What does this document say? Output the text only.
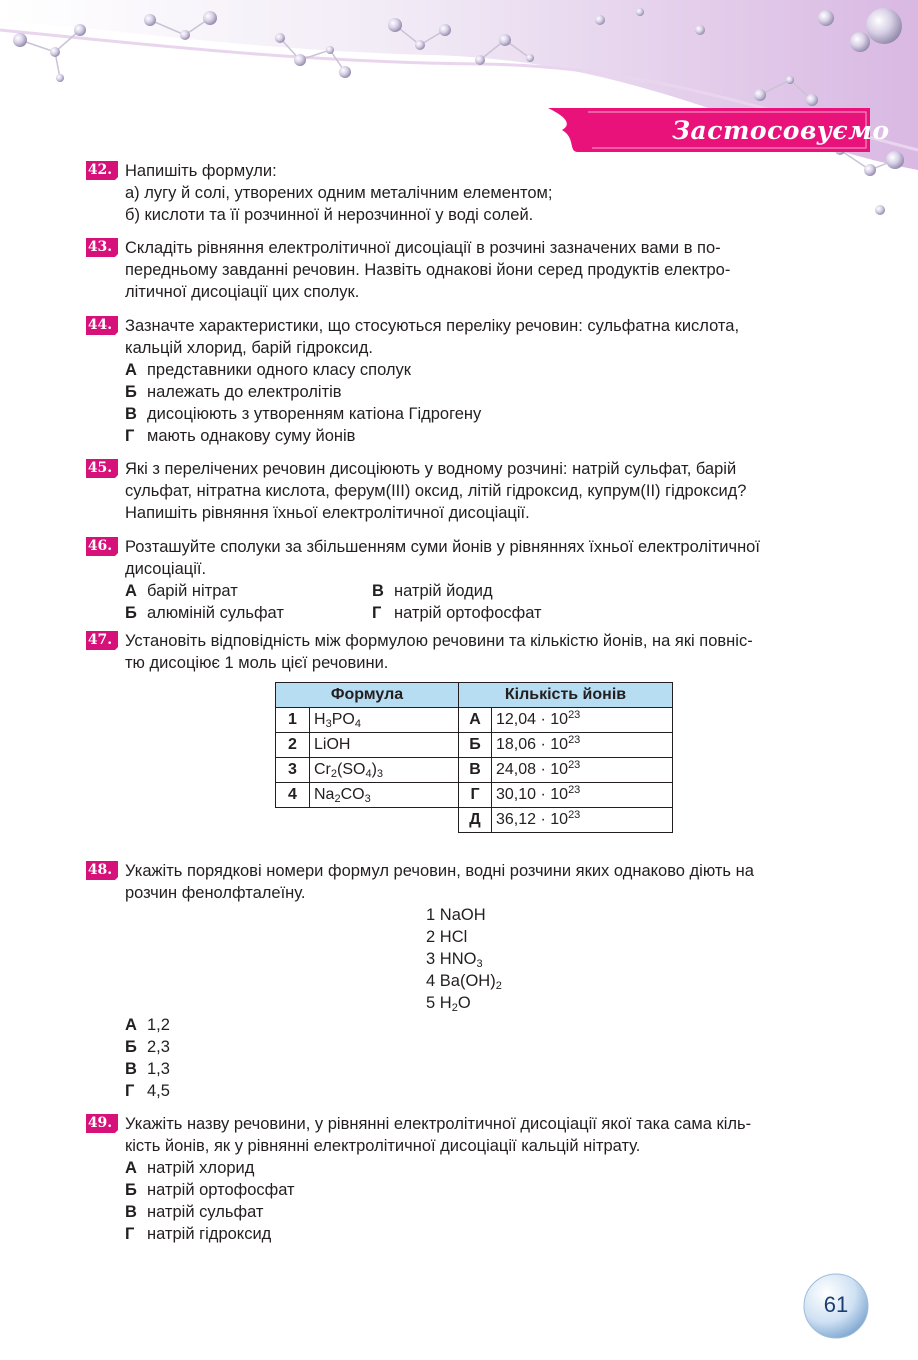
Застосовуємо
42. Напишіть формули:
а) лугу й солі, утворених одним металічним елементом;
б) кислоти та її розчинної й нерозчинної у воді солей.
43. Складіть рівняння електролітичної дисоціації в розчині зазначених вами в по-
передньому завданні речовин. Назвіть однакові йони серед продуктів електро-
літичної дисоціації цих сполук.
44. Зазначте характеристики, що стосуються переліку речовин: сульфатна кислота,
кальцій хлорид, барій гідроксид.
А представники одного класу сполук
Б належать до електролітів
В дисоціюють з утворенням катіона Гідрогену
Г мають однакову суму йонів
45. Які з перелічених речовин дисоціюють у водному розчині: натрій сульфат, барій
сульфат, нітратна кислота, ферум(ІІІ) оксид, літій гідроксид, купрум(ІІ) гідроксид?
Напишіть рівняння їхньої електролітичної дисоціації.
46. Розташуйте сполуки за збільшенням суми йонів у рівняннях їхньої електролітичної
дисоціації.
А барій нітрат	В натрій йодид
Б алюміній сульфат	Г натрій ортофосфат
47. Установіть відповідність між формулою речовини та кількістю йонів, на які повніс-
тю дисоціює 1 моль цієї речовини.
Формула		Кількість йонів	
1	$H_3PO_4$	А	$12,04 \cdot 10^{23}$
2	LiOH	Б	$18,06 \cdot 10^{23}$
3	$Cr_2(SO_4)_3$	В	$24,08 \cdot 10^{23}$
4	$Na_2CO_3$	Г	$30,10 \cdot 10^{23}$
		Д	$36,12 \cdot 10^{23}$
48. Укажіть порядкові номери формул речовин, водні розчини яких однаково діють на
розчин фенолфталеїну.
1 NaOH
2 HCl
3 $HNO_3$
4 $Ba(OH)_2$
5 $H_2O$
А 1,2
Б 2,3
В 1,3
Г 4,5
49. Укажіть назву речовини, у рівнянні електролітичної дисоціації якої така сама кіль-
кість йонів, як у рівнянні електролітичної дисоціації кальцій нітрату.
А натрій хлорид
Б натрій ортофосфат
В натрій сульфат
Г натрій гідроксид
61
